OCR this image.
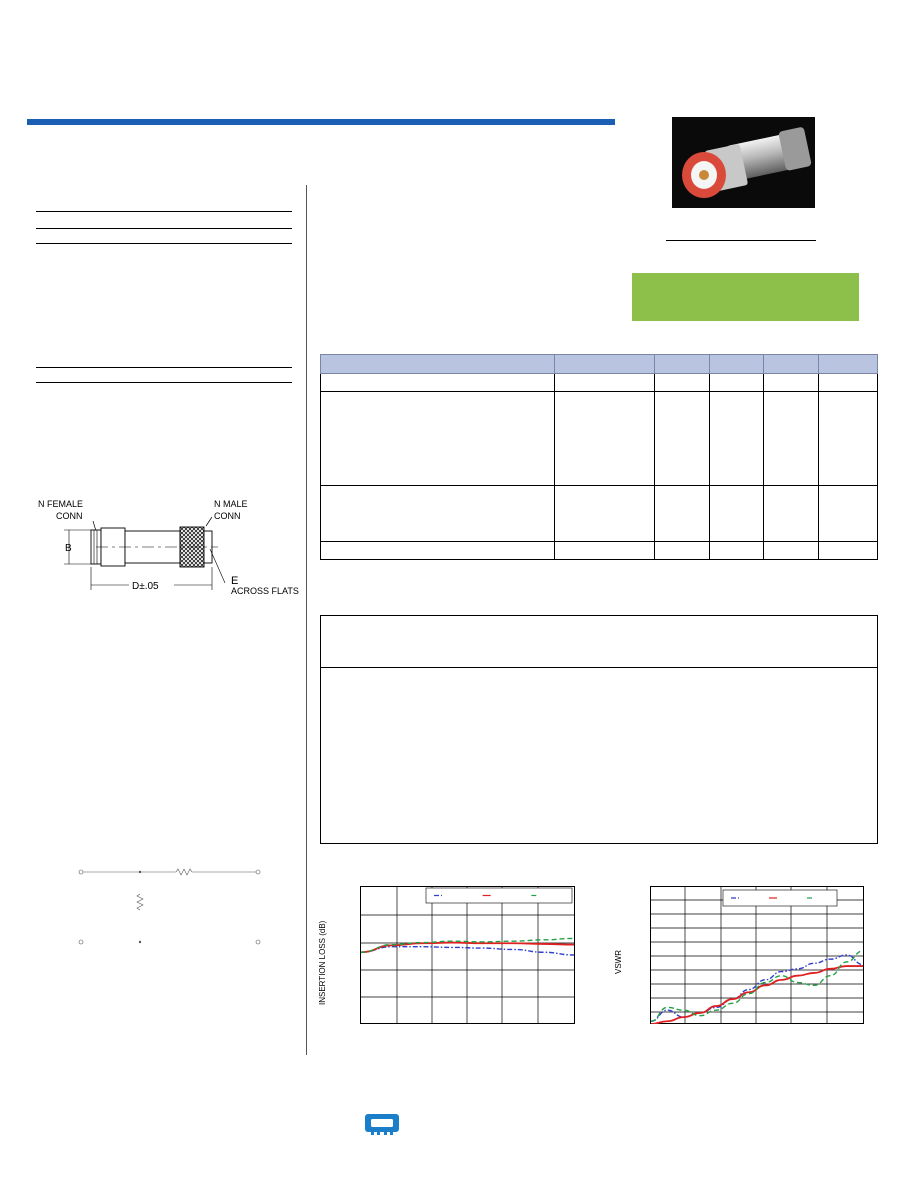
N FEMALE
CONN
N MALE
CONN
B
D±.05	E
ACROSS FLATS
INSERTION LOSS (dB)	VSWR
